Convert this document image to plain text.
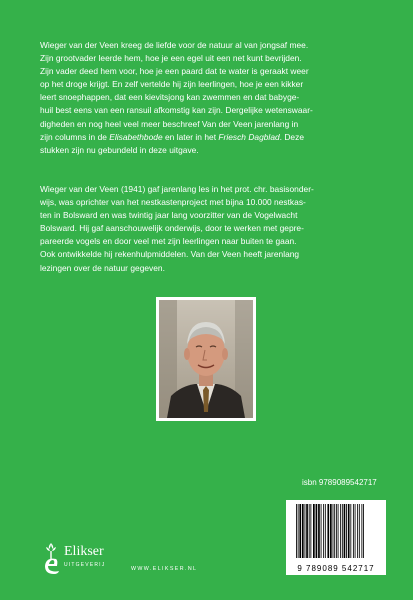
Wieger van der Veen kreeg de liefde voor de natuur al van jongsaf mee.

Zijn grootvader leerde hem, hoe je een egel uit een net kunt bevrijden.

Zijn vader deed hem voor, hoe je een paard dat te water is geraakt weer

op het droge krijgt. En zelf vertelde hij zijn leerlingen, hoe je een kikker

leert snoephappen, dat een kievitsjong kan zwemmen en dat babyge-

huil best eens van een ransuil afkomstig kan zijn. Dergelijke wetenswaar-

digheden en nog heel veel meer beschreef Van der Veen jarenlang in

zijn columns in de Elisabethbode en later in het Friesch Dagblad. Deze

stukken zijn nu gebundeld in deze uitgave.

Wieger van der Veen (1941) gaf jarenlang les in het prot. chr. basisonder-

wijs, was oprichter van het nestkastenproject met bijna 10.000 nestkas-

ten in Bolsward en was twintig jaar lang voorzitter van de Vogelwacht

Bolsward. Hij gaf aanschouwelijk onderwijs, door te werken met gepre-

pareerde vogels en door veel met zijn leerlingen naar buiten te gaan.

Ook ontwikkelde hij rekenhulpmiddelen. Van der Veen heeft jarenlang

lezingen over de natuur gegeven.

isbn 9789089542717
9 789089 542717
Elikser
UITGEVERIJ
WWW.ELIKSER.NL
